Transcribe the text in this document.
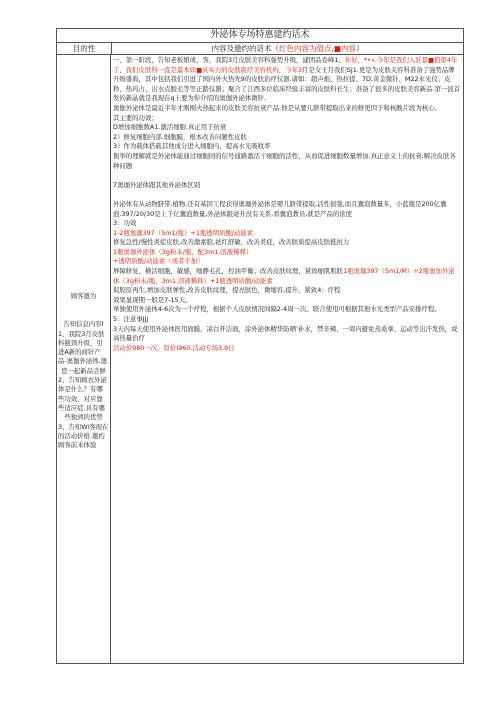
外泌体专场特惠建约话术
目的性	内容及邀约的话术（红色内容为值点,■内容）

顾客邀为

告知信息内容I

1、我院3月皮肤科瓶颈升级，引进A新的商针产品-奥伽外泌体.邀

您一起新品尝鲜

2、告知顾衣外泌体是什么？有哪些功效，对应靠些适应症.具有哪

些独到的优势

3、告知Wi客现在的活动价格.邀约顾客前来体验

一、第一阶段，告知老板娘或，客，我院3月皮肤美容科强势升级，建团品卷峰1、你好，*•«.今年是我们入驻景■值第4年了，我们皮肤科一直是最本如■具实力的皮肤震疗美容机构，今年3月是女王月我们SJ1.更是为皮肤关容科准备了强势品牌升级盛典，其中包括我们引进了国内外火热先9的皮肤治疗仪器.诸如：超声炮、热拉提、7D,黄金微针、M22水光仪、皮秒、热玛占、出水点脱毛等等正踏仪器；聚合了江西多位临床经验丰富的皮肤科长生；准备了很多的皮肤美容新品.第一波首发的新晶就是我现在q上要为你介绍的奥伽外泌体微针.

奥伽外泌体是最近半年才刚刚火热起来的皮肤美容抗衰产品.他是从要儿脐带提取出来的修更因子和核酸片段为核心。

其主要的功效；

D增加细胞数A1.激活细胞.真正用于抗衰

2）修复细胞内部.细胞膜，根本改善问题性皮肤

3）作为载体搭载其他成分进入细胞内，提高水光吸收率

衙举的理解就是外泌体能通过细胞间的信号通路激活干细胞的活性，从而促进细胞数量增加.真正意义上的抗衰,解决皮肤各种问题

7奥珈外泌体跟其他外泌体区别

外泌体有从动物脐带.植物.还有基因工程获得奥珈外泌体是婴儿脐带提取,活性很强,而且囊泡数量多，小蓝瓶是200亿囊泡.397/20/30是上千亿囊泡数量,外泌体跟毫升没有关系.看囊泡教员,就是产品的浓度

3：功效

1-2瓶奥珈397（5m1/瓶）+1瓶透明质酸/动能素

修复急性/慢性炎症皮肤,改善激素脸,祛红舒敏、改善炎症，改善肤质提高皮肤抵抗力

1瓶奥珈外泌体（3g粉末/瓶，配3m1.溶液稀释）

+透明质酸/动能素（或者不加）

屏障修复，横活细胞，敏感，细静毛孔，控油平衡；改善皮肤纹理，紧致细肌肌肤1瓶奥珈397（5m1/M）+2瓶奥加外泌体（3g粉末/瓶，3m1.溶液稀释）+1瓶透明质酸/动能素

促胶原再生,增加皮肤弹性,改善皮肤纹理，提亮肤色，微缩容,提升，紧致4：疗程

效果显现期一般是7-15天。

单独使用外泌体4-6次为一个疗程，根据个人皮肤情况间隔2-4周一次。联合使用可根据其他水光类型产品安排疗程。

5：注意事JJj

3天内每天使用外泌体医用面膜，凉白开洁面，涂外泌体精华防晒'补水，禁辛辣，一周内避免蒸桑拿、运动等出汗发热，或高热量治疗

活动价980一次，原价I960.活动专场3.9日
